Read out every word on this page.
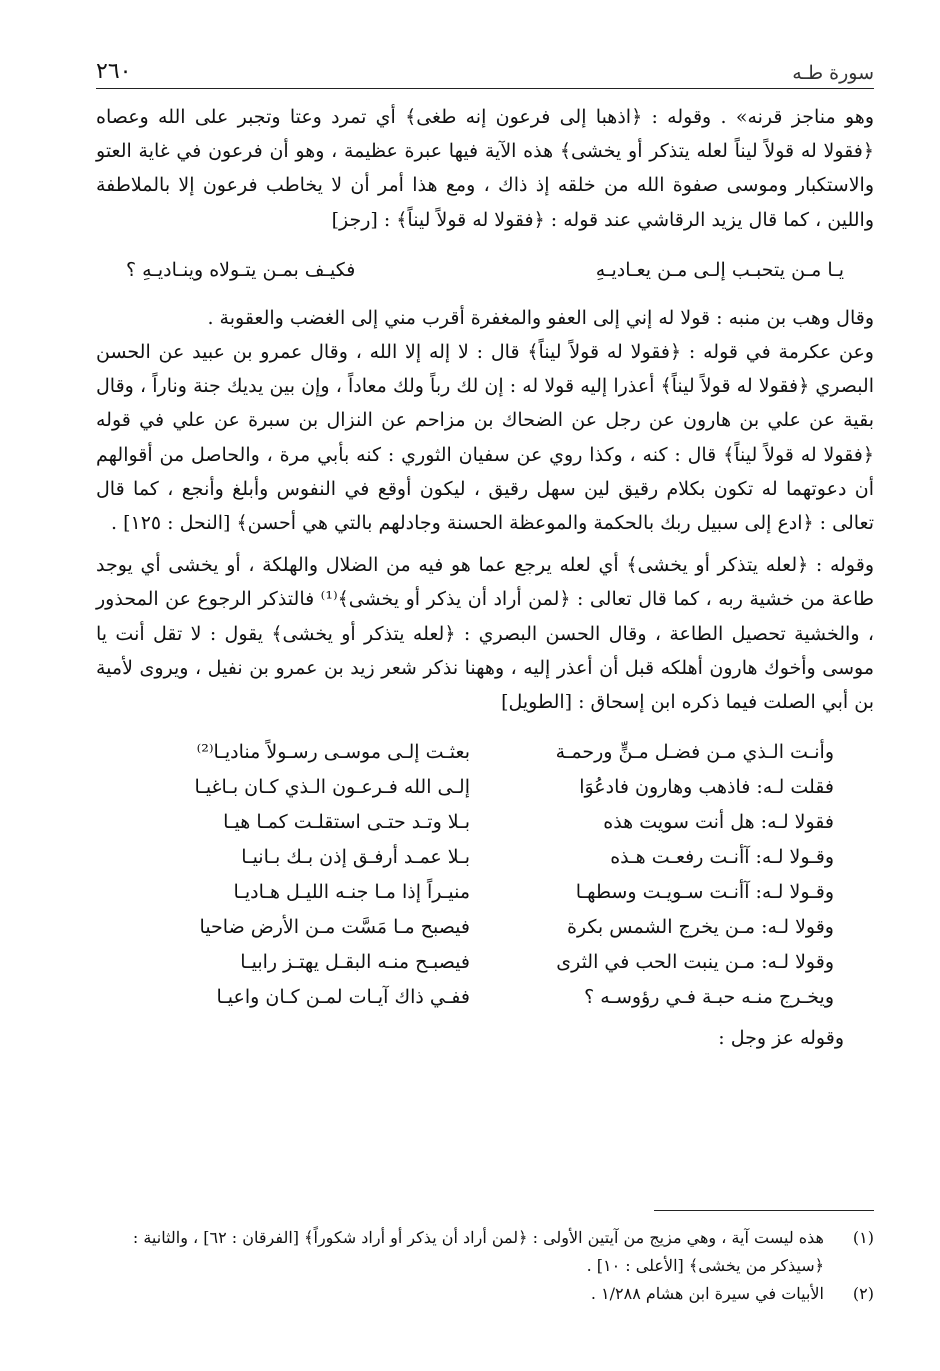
سورة طـه
٢٦٠

وهو مناجز قرنه» . وقوله : ﴿اذهبا إلى فرعون إنه طغى﴾ أي تمرد وعتا وتجبر على الله وعصاه ﴿فقولا له قولاً ليناً لعله يتذكر أو يخشى﴾ هذه الآية فيها عبرة عظيمة ، وهو أن فرعون في غاية العتو والاستكبار وموسى صفوة الله من خلقه إذ ذاك ، ومع هذا أمر أن لا يخاطب فرعون إلا بالملاطفة واللين ، كما قال يزيد الرقاشي عند قوله : ﴿فقولا له قولاً ليناً﴾ : [رجز]

يـا مـن يتحبـب إلـى مـن يعـاديـهِ
فكيـف بمـن يتـولاه وينـاديـهِ ؟

وقال وهب بن منبه : قولا له إني إلى العفو والمغفرة أقرب مني إلى الغضب والعقوبة .

وعن عكرمة في قوله : ﴿فقولا له قولاً ليناً﴾ قال : لا إله إلا الله ، وقال عمرو بن عبيد عن الحسن البصري ﴿فقولا له قولاً ليناً﴾ أعذرا إليه قولا له : إن لك رباً ولك معاداً ، وإن بين يديك جنة وناراً ، وقال بقية عن علي بن هارون عن رجل عن الضحاك بن مزاحم عن النزال بن سبرة عن علي في قوله ﴿فقولا له قولاً ليناً﴾ قال : كنه ، وكذا روي عن سفيان الثوري : كنه بأبي مرة ، والحاصل من أقوالهم أن دعوتهما له تكون بكلام رقيق لين سهل رقيق ، ليكون أوقع في النفوس وأبلغ وأنجع ، كما قال تعالى : ﴿ادع إلى سبيل ربك بالحكمة والموعظة الحسنة وجادلهم بالتي هي أحسن﴾ [النحل : ١٢٥] .

وقوله : ﴿لعله يتذكر أو يخشى﴾ أي لعله يرجع عما هو فيه من الضلال والهلكة ، أو يخشى أي يوجد طاعة من خشية ربه ، كما قال تعالى : ﴿لمن أراد أن يذكر أو يخشى﴾⁽¹⁾ فالتذكر الرجوع عن المحذور ، والخشية تحصيل الطاعة ، وقال الحسن البصري : ﴿لعله يتذكر أو يخشى﴾ يقول : لا تقل أنت يا موسى وأخوك هارون أهلكه قبل أن أعذر إليه ، وههنا نذكر شعر زيد بن عمرو بن نفيل ، ويروى لأمية بن أبي الصلت فيما ذكره ابن إسحاق : [الطويل]

وأنـت الـذي مـن فضـل مـنٍّ ورحمـة
بعثـت إلـى موسـى رسـولاً مناديـا⁽²⁾
فقلت لـه: فاذهب وهارون فادعُوَا
إلـى الله فـرعـون الـذي كـان بـاغيـا
فقولا لـه: هل أنت سويت هذه
بـلا وتـد حتـى استقلـت كمـا هيـا
وقـولا لـه: آأنـت رفعـت هـذه
بـلا عمـد أرفـق إذن بـك بـانيـا
وقـولا لـه: آأنـت سـويـت وسطهـا
منيـراً إذا مـا جنـه الليـل هـاديـا
وقولا لـه: مـن يخرج الشمس بكرة
فيصبح مـا مَسَّت مـن الأرض ضاحيا
وقولا لـه: مـن ينبت الحب في الثرى
فيصبـح منـه البقـل يهتـز رابيـا
ويخـرج منـه حبـة فـي رؤوسـه ؟
ففـي ذاك آيـات لمـن كـان واعيـا
وقوله عز وجل :
(١)
هذه ليست آية ، وهي مزيج من آيتين الأولى : ﴿لمن أراد أن يذكر أو أراد شكوراً﴾ [الفرقان : ٦٢] ، والثانية : ﴿سيذكر من يخشى﴾ [الأعلى : ١٠] .
(٢)
الأبيات في سيرة ابن هشام ١/٢٨٨ .
